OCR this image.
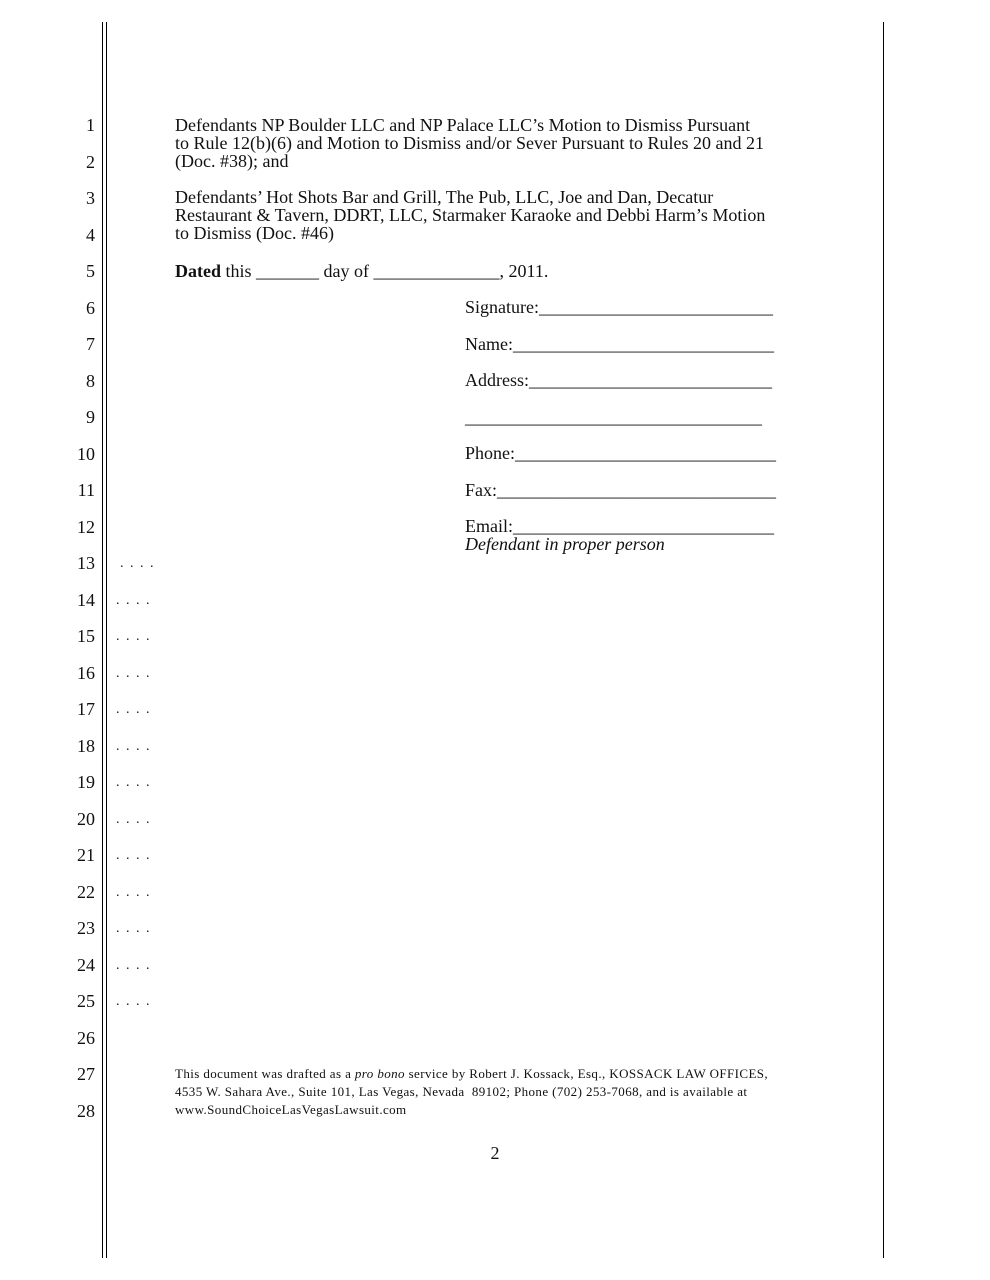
1
2
3
4
5
6
7
8
9
10
11
12
13
14
15
16
17
18
19
20
21
22
23
24
25
26
27
28
. . . .
. . . .
. . . .
. . . .
. . . .
. . . .
. . . .
. . . .
. . . .
. . . .
. . . .
. . . .
. . . .
Defendants NP Boulder LLC and NP Palace LLC’s Motion to Dismiss Pursuant
to Rule 12(b)(6) and Motion to Dismiss and/or Sever Pursuant to Rules 20 and 21
(Doc. #38); and
Defendants’ Hot Shots Bar and Grill, The Pub, LLC, Joe and Dan, Decatur
Restaurant & Tavern, DDRT, LLC, Starmaker Karaoke and Debbi Harm’s Motion
to Dismiss (Doc. #46)
Dated this _______ day of ______________, 2011.
Signature:__________________________
Name:_____________________________
Address:___________________________
_________________________________
Phone:_____________________________
Fax:_______________________________
Email:_____________________________
Defendant in proper person
This document was drafted as a pro bono service by Robert J. Kossack, Esq., KOSSACK LAW OFFICES,
4535 W. Sahara Ave., Suite 101, Las Vegas, Nevada  89102; Phone (702) 253-7068, and is available at
www.SoundChoiceLasVegasLawsuit.com
2
